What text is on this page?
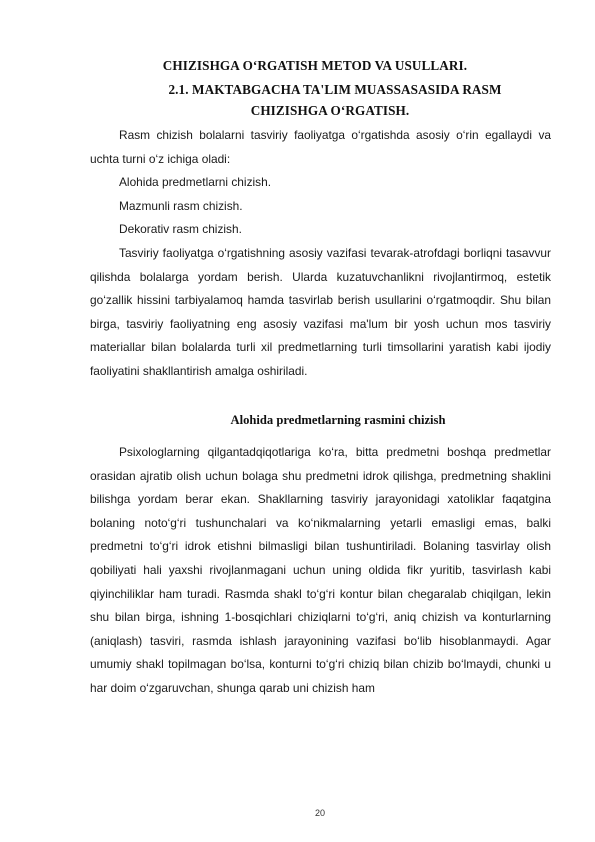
CHIZISHGA O‘RGATISH METOD VA USULLARI.
2.1. MAKTABGACHA TA'LIM MUASSASASIDA RASM
CHIZISHGA O‘RGATISH.

Rasm chizish bolalarni tasviriy faoliyatga o‘rgatishda asosiy o‘rin egallaydi va uchta turni o‘z ichiga oladi:

Alohida predmetlarni chizish.

Mazmunli rasm chizish.

Dekorativ rasm chizish.

Tasviriy faoliyatga o‘rgatishning asosiy vazifasi tevarak-atrofdagi borliqni tasavvur qilishda bolalarga yordam berish. Ularda kuzatuvchanlikni rivojlantirmoq, estetik go‘zallik hissini tarbiyalamoq hamda tasvirlab berish usullarini o‘rgatmoqdir. Shu bilan birga, tasviriy faoliyatning eng asosiy vazifasi ma'lum bir yosh uchun mos tasviriy materiallar bilan bolalarda turli xil predmetlarning turli timsollarini yaratish kabi ijodiy faoliyatini shakllantirish amalga oshiriladi.

Alohida predmetlarning rasmini chizish

Psixologlarning qilgantadqiqotlariga ko‘ra, bitta predmetni boshqa predmetlar orasidan ajratib olish uchun bolaga shu predmetni idrok qilishga, predmetning shaklini bilishga yordam berar ekan. Shakllarning tasviriy jarayonidagi xatoliklar faqatgina bolaning noto‘g‘ri tushunchalari va ko‘nikmalarning yetarli emasligi emas, balki predmetni to‘g‘ri idrok etishni bilmasligi bilan tushuntiriladi. Bolaning tasvirlay olish qobiliyati hali yaxshi rivojlanmagani uchun uning oldida fikr yuritib, tasvirlash kabi qiyinchiliklar ham turadi. Rasmda shakl to‘g‘ri kontur bilan chegaralab chiqilgan, lekin shu bilan birga, ishning 1-bosqichlari chiziqlarni to‘g‘ri, aniq chizish va konturlarning (aniqlash) tasviri, rasmda ishlash jarayonining vazifasi bo‘lib hisoblanmaydi. Agar umumiy shakl topilmagan bo‘lsa, konturni to‘g‘ri chiziq bilan chizib bo‘lmaydi, chunki u har doim o‘zgaruvchan, shunga qarab uni chizish ham

20
